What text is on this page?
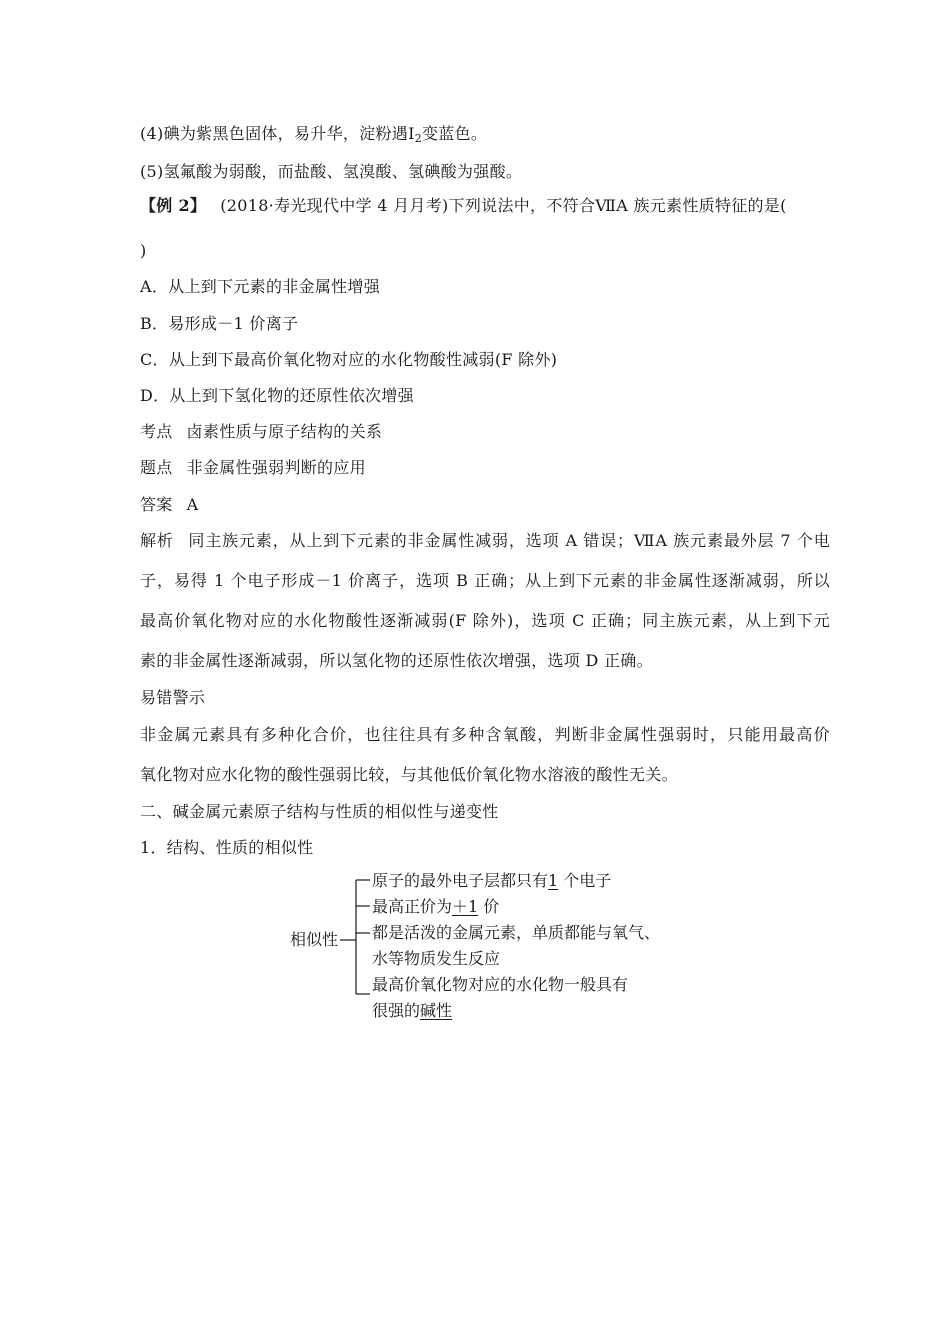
(4)碘为紫黑色固体，易升华，淀粉遇$I_2$变蓝色。
(5)氢氟酸为弱酸，而盐酸、氢溴酸、氢碘酸为强酸。
【例 2】 (2018·寿光现代中学 4 月月考)下列说法中，不符合ⅦA 族元素性质特征的是(
)
A．从上到下元素的非金属性增强
B．易形成－1 价离子
C．从上到下最高价氧化物对应的水化物酸性减弱(F 除外)
D．从上到下氢化物的还原性依次增强
考点 卤素性质与原子结构的关系
题点 非金属性强弱判断的应用
答案 A
解析 同主族元素，从上到下元素的非金属性减弱，选项 A 错误；ⅦA 族元素最外层 7 个电
子，易得 1 个电子形成－1 价离子，选项 B 正确；从上到下元素的非金属性逐渐减弱，所以
最高价氧化物对应的水化物酸性逐渐减弱(F 除外)，选项 C 正确；同主族元素，从上到下元
素的非金属性逐渐减弱，所以氢化物的还原性依次增强，选项 D 正确。
易错警示
非金属元素具有多种化合价，也往往具有多种含氧酸，判断非金属性强弱时，只能用最高价
氧化物对应水化物的酸性强弱比较，与其他低价氧化物水溶液的酸性无关。
二、碱金属元素原子结构与性质的相似性与递变性
1．结构、性质的相似性
相似性
原子的最外电子层都只有1 个电子
最高正价为＋1 价
都是活泼的金属元素，单质都能与氧气、
水等物质发生反应
最高价氧化物对应的水化物一般具有
很强的碱性
